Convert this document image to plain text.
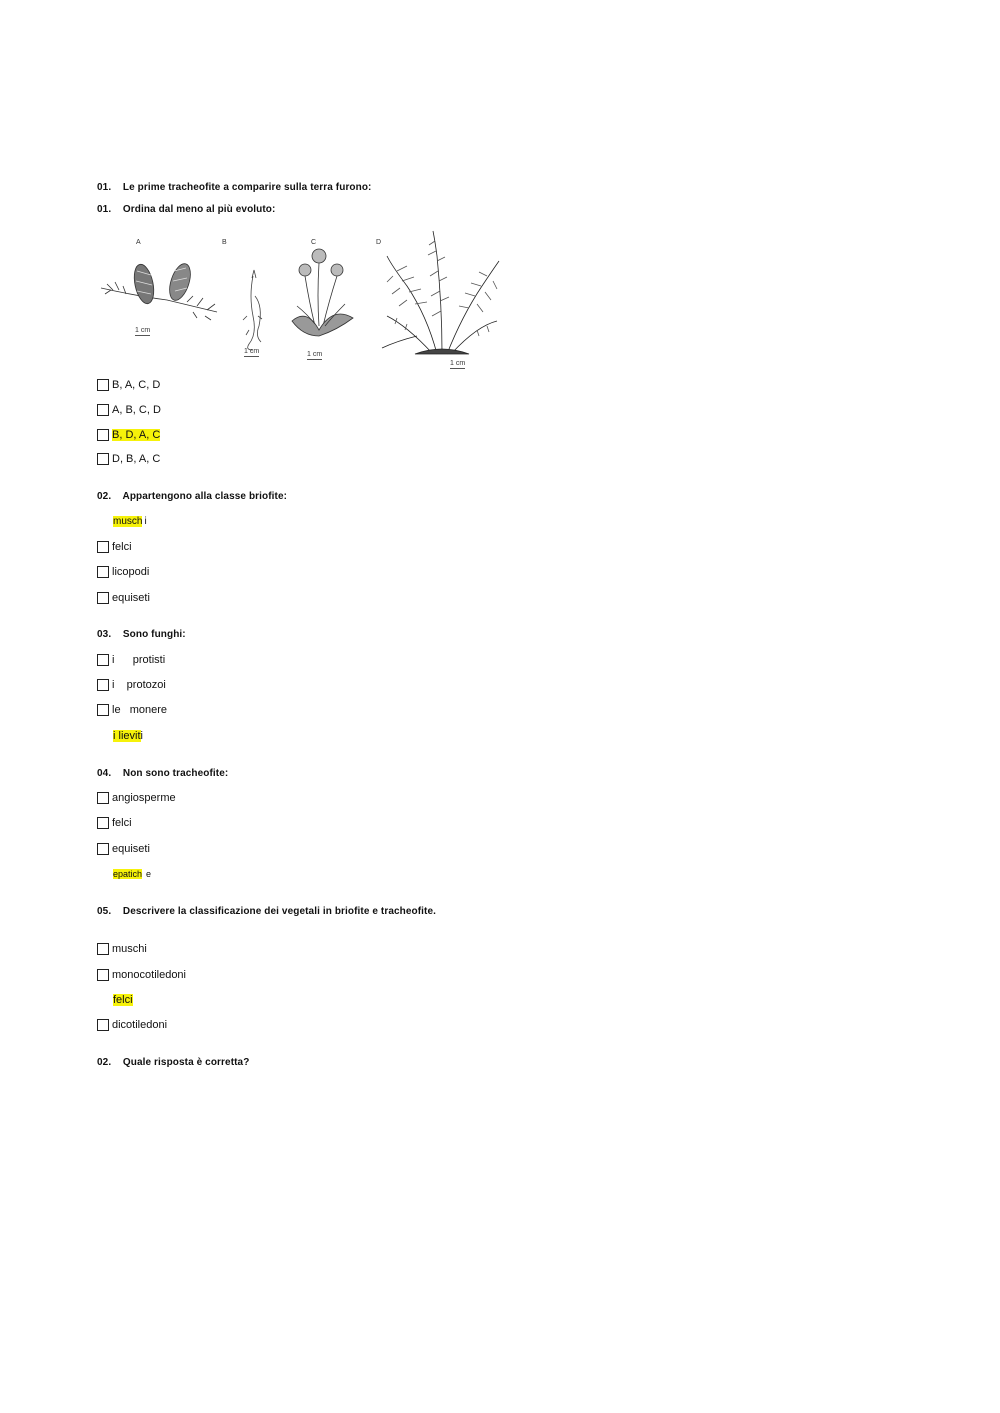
01. Le prime tracheofite a comparire sulla terra furono:
01. Ordina dal meno al più evoluto:
A	B	C	D
1 cm
1 cm	1 cm
1 cm
B, A, C, D
A, B, C, D
B, D, A, C
D, B, A, C
02. Appartengono alla classe briofite:
musch i
felci
licopodi
equiseti
03. Sono funghi:
i      protisti
i    protozoi
le   monere
i lievit i
04. Non sono tracheofite:
angiosperme
felci
equiseti
epatich e
05. Descrivere la classificazione dei vegetali in briofite e tracheofite.
muschi
monocotiledoni
felci
dicotiledoni
02. Quale risposta è corretta?
